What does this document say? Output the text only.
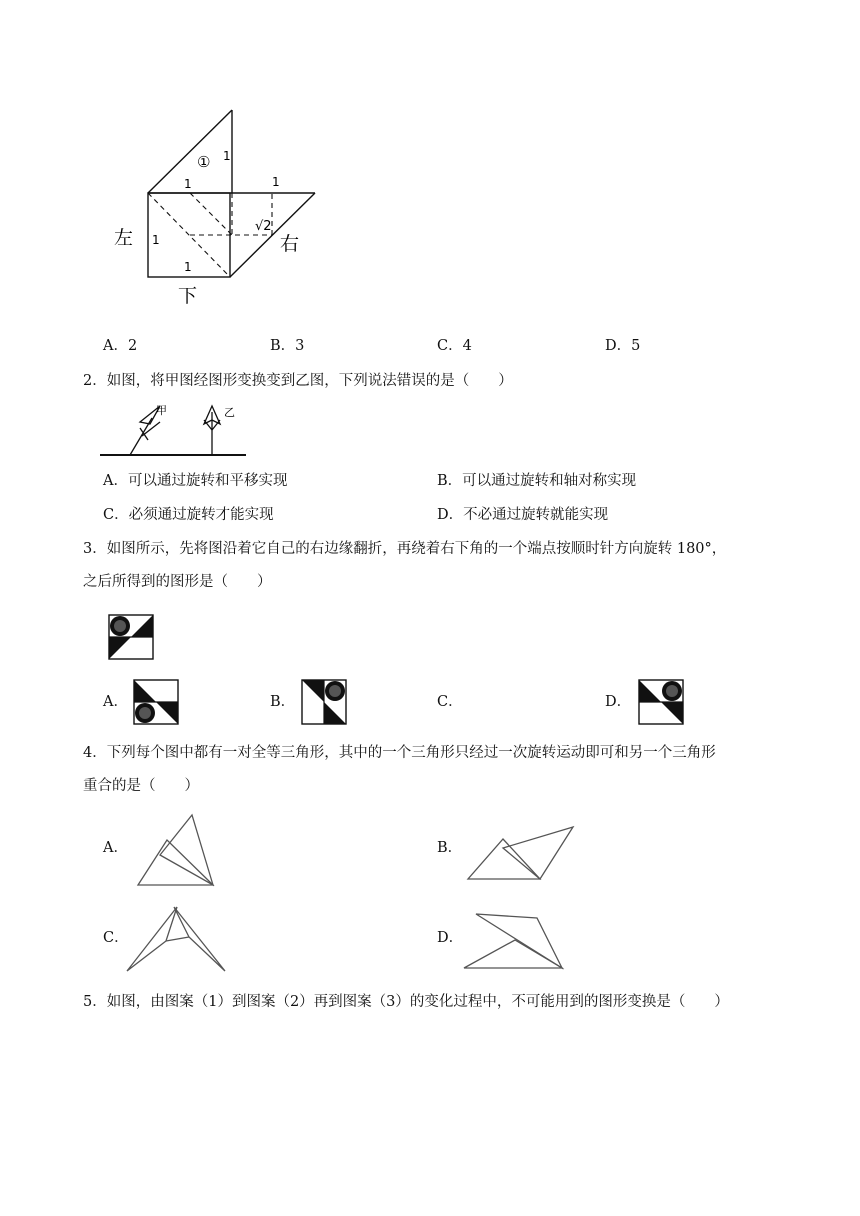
① 1
1	1
1
1
√2
左	右
下
A．2	B．3	C．4	D．5
2．如图，将甲图经图形变换变到乙图，下列说法错误的是（　　）
甲	乙
A．可以通过旋转和平移实现	B．可以通过旋转和轴对称实现
C．必须通过旋转才能实现	D．不必通过旋转就能实现
3．如图所示，先将图沿着它自己的右边缘翻折，再绕着右下角的一个端点按顺时针方向旋转 180°，
之后所得到的图形是（　　）
A．	B．	C．	D．
4．下列每个图中都有一对全等三角形，其中的一个三角形只经过一次旋转运动即可和另一个三角形
重合的是（　　）
A．	B．
C．	D．
5．如图，由图案（1）到图案（2）再到图案（3）的变化过程中，不可能用到的图形变换是（　　）
